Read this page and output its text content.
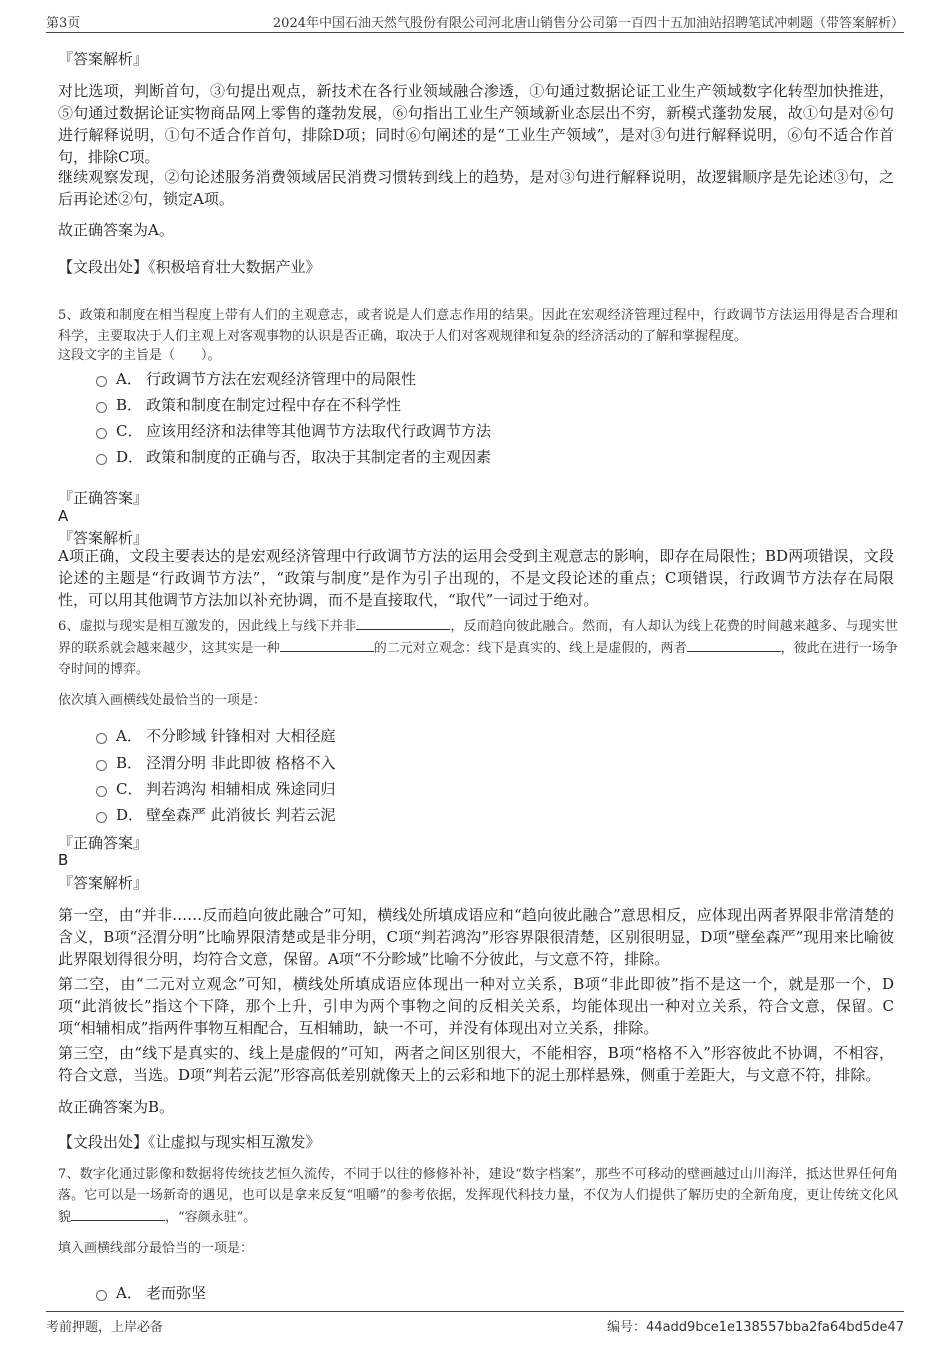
第3页	2024年中国石油天然气股份有限公司河北唐山销售分公司第一百四十五加油站招聘笔试冲刺题（带答案解析）
『答案解析』

对比选项，判断首句，③句提出观点，新技术在各行业领域融合渗透，①句通过数据论证工业生产领域数字化转型加快推进，⑤句通过数据论证实物商品网上零售的蓬勃发展，⑥句指出工业生产领域新业态层出不穷，新模式蓬勃发展，故①句是对⑥句进行解释说明，①句不适合作首句，排除D项；同时⑥句阐述的是“工业生产领域”，是对③句进行解释说明，⑥句不适合作首句，排除C项。

继续观察发现，②句论述服务消费领域居民消费习惯转到线上的趋势，是对③句进行解释说明，故逻辑顺序是先论述③句，之后再论述②句，锁定A项。

故正确答案为A。

【文段出处】《积极培育壮大数据产业》

5、政策和制度在相当程度上带有人们的主观意志，或者说是人们意志作用的结果。因此在宏观经济管理过程中，行政调节方法运用得是否合理和科学，主要取决于人们主观上对客观事物的认识是否正确，取决于人们对客观规律和复杂的经济活动的了解和掌握程度。

这段文字的主旨是（　　）。

A． 行政调节方法在宏观经济管理中的局限性
B． 政策和制度在制定过程中存在不科学性
C． 应该用经济和法律等其他调节方法取代行政调节方法
D． 政策和制度的正确与否，取决于其制定者的主观因素
『正确答案』
A
『答案解析』

A项正确，文段主要表达的是宏观经济管理中行政调节方法的运用会受到主观意志的影响，即存在局限性；BD两项错误，文段论述的主题是“行政调节方法”，“政策与制度”是作为引子出现的，不是文段论述的重点；C项错误，行政调节方法存在局限性，可以用其他调节方法加以补充协调，而不是直接取代，“取代”一词过于绝对。

6、虚拟与现实是相互激发的，因此线上与线下并非	，反而趋向彼此融合。然而，有人却认为线上花费的时间越来越多、与现实世界的联系就会越来越少，这其实是一种	的二元对立观念：线下是真实的、线上是虚假的，两者	，彼此在进行一场争夺时间的博弈。

依次填入画横线处最恰当的一项是：

A． 不分畛域 针锋相对 大相径庭
B． 泾渭分明 非此即彼 格格不入
C． 判若鸿沟 相辅相成 殊途同归
D． 壁垒森严 此消彼长 判若云泥
『正确答案』
B
『答案解析』

第一空，由“并非……反而趋向彼此融合”可知，横线处所填成语应和“趋向彼此融合”意思相反，应体现出两者界限非常清楚的含义，B项“泾渭分明”比喻界限清楚或是非分明，C项“判若鸿沟”形容界限很清楚，区别很明显，D项“壁垒森严”现用来比喻彼此界限划得很分明，均符合文意，保留。A项“不分畛域”比喻不分彼此，与文意不符，排除。

第二空，由“二元对立观念”可知，横线处所填成语应体现出一种对立关系，B项“非此即彼”指不是这一个，就是那一个，D项“此消彼长”指这个下降，那个上升，引申为两个事物之间的反相关关系，均能体现出一种对立关系，符合文意，保留。C项“相辅相成”指两件事物互相配合，互相辅助，缺一不可，并没有体现出对立关系，排除。

第三空，由“线下是真实的、线上是虚假的”可知，两者之间区别很大，不能相容，B项“格格不入”形容彼此不协调，不相容，符合文意，当选。D项“判若云泥”形容高低差别就像天上的云彩和地下的泥土那样悬殊，侧重于差距大，与文意不符，排除。

故正确答案为B。

【文段出处】《让虚拟与现实相互激发》

7、数字化通过影像和数据将传统技艺恒久流传，不同于以往的修修补补，建设“数字档案”，那些不可移动的壁画越过山川海洋，抵达世界任何角落。它可以是一场新奇的遇见，也可以是拿来反复“咀嚼”的参考依据，发挥现代科技力量，不仅为人们提供了解历史的全新角度，更让传统文化风貌	，“容颜永驻”。

填入画横线部分最恰当的一项是：

A． 老而弥坚
考前押题，上岸必备	编号：44add9bce1e138557bba2fa64bd5de47
